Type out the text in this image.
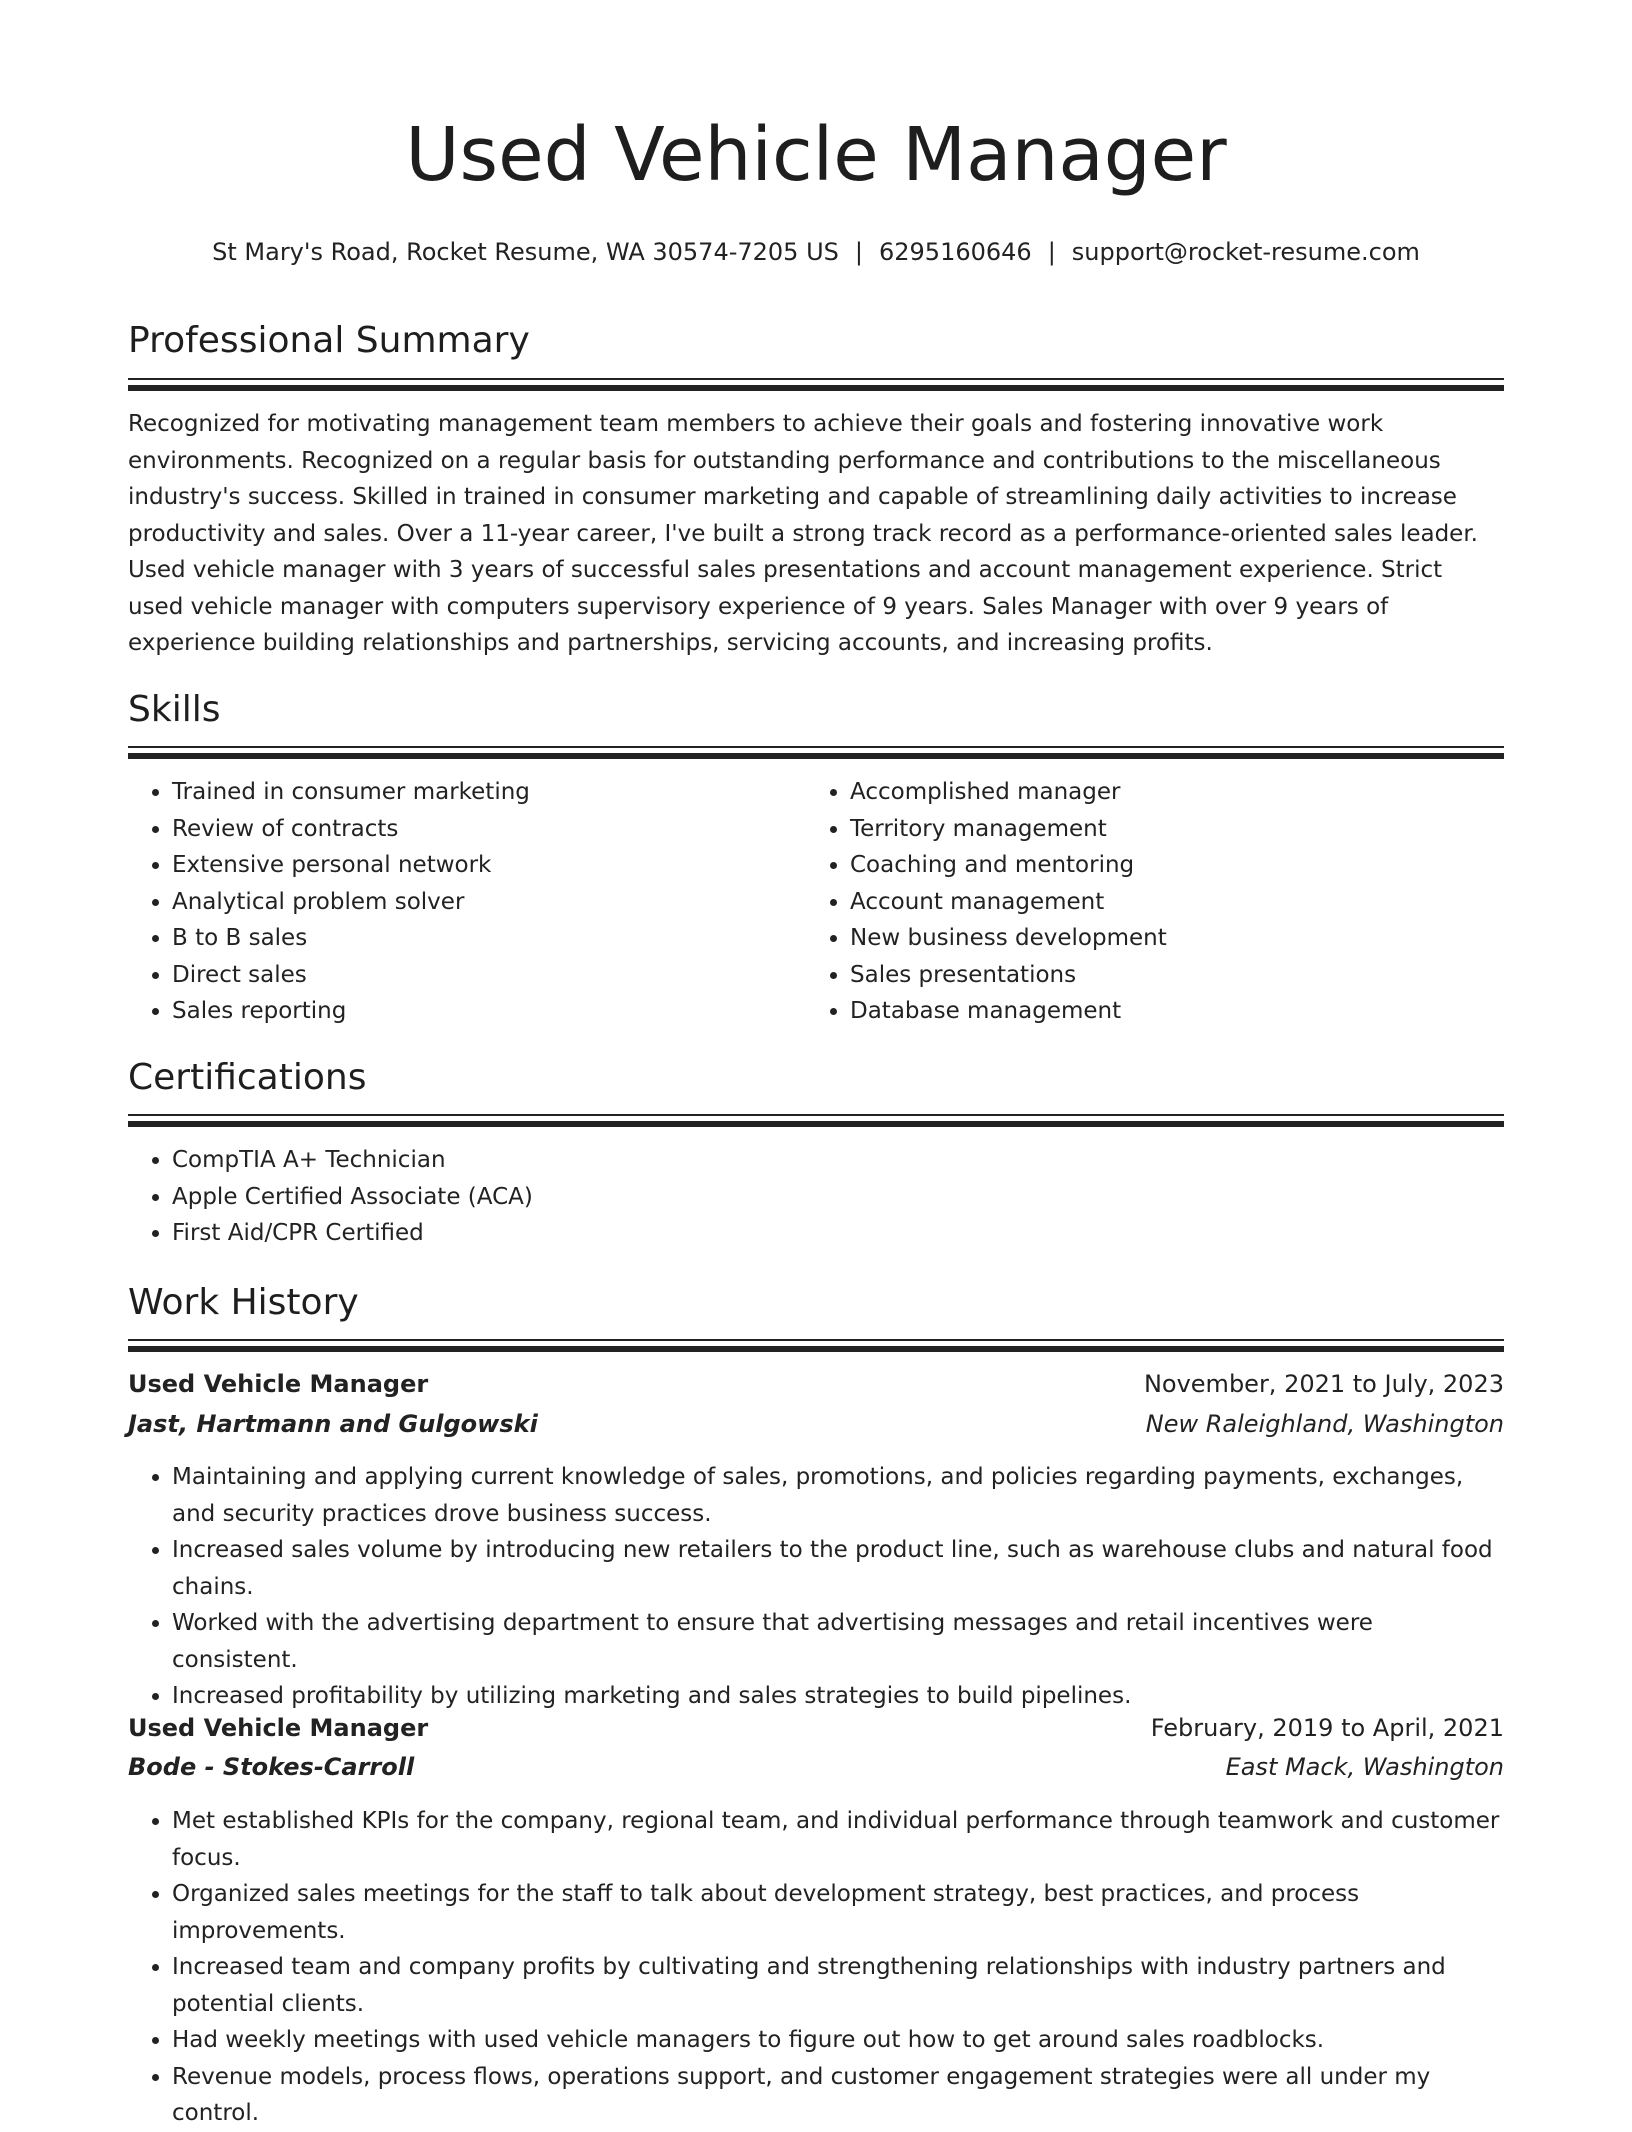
Used Vehicle Manager
St Mary's Road, Rocket Resume, WA 30574-7205 US | 6295160646 | support@rocket-resume.com
Professional Summary

Recognized for motivating management team members to achieve their goals and fostering innovative work environments. Recognized on a regular basis for outstanding performance and contributions to the miscellaneous industry's success. Skilled in trained in consumer marketing and capable of streamlining daily activities to increase productivity and sales. Over a 11-year career, I've built a strong track record as a performance-oriented sales leader. Used vehicle manager with 3 years of successful sales presentations and account management experience. Strict used vehicle manager with computers supervisory experience of 9 years. Sales Manager with over 9 years of experience building relationships and partnerships, servicing accounts, and increasing profits.

Skills
• Trained in consumer marketing
• Review of contracts
• Extensive personal network
• Analytical problem solver
• B to B sales
• Direct sales
• Sales reporting
• Accomplished manager
• Territory management
• Coaching and mentoring
• Account management
• New business development
• Sales presentations
• Database management
Certifications
• CompTIA A+ Technician
• Apple Certified Associate (ACA)
• First Aid/CPR Certified
Work History
Used Vehicle Manager	November, 2021 to July, 2023
Jast, Hartmann and Gulgowski	New Raleighland, Washington
• Maintaining and applying current knowledge of sales, promotions, and policies regarding payments, exchanges, and security practices drove business success.
• Increased sales volume by introducing new retailers to the product line, such as warehouse clubs and natural food chains.
• Worked with the advertising department to ensure that advertising messages and retail incentives were consistent.
• Increased profitability by utilizing marketing and sales strategies to build pipelines.
Used Vehicle Manager	February, 2019 to April, 2021
Bode - Stokes-Carroll	East Mack, Washington
• Met established KPIs for the company, regional team, and individual performance through teamwork and customer focus.
• Organized sales meetings for the staff to talk about development strategy, best practices, and process improvements.
• Increased team and company profits by cultivating and strengthening relationships with industry partners and potential clients.
• Had weekly meetings with used vehicle managers to figure out how to get around sales roadblocks.
• Revenue models, process flows, operations support, and customer engagement strategies were all under my control.
